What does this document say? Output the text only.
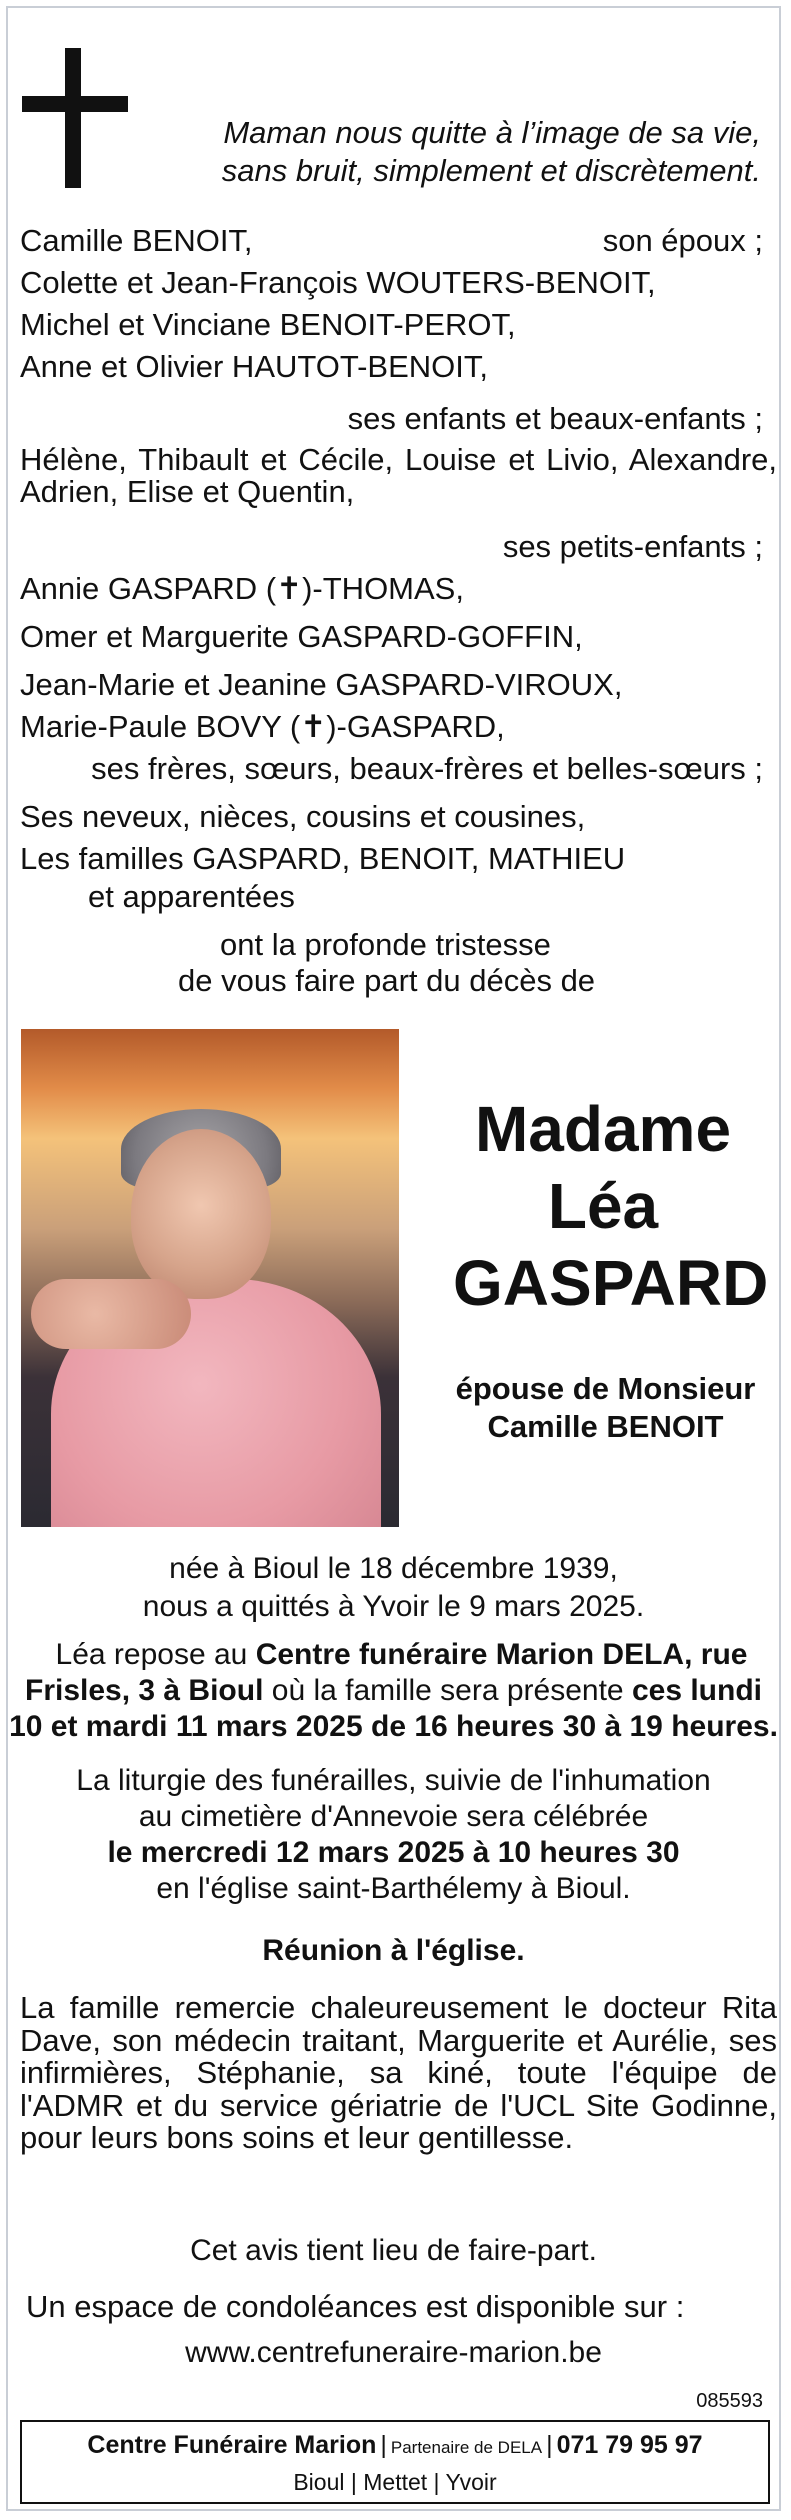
Maman nous quitte à l’image de sa vie,
sans bruit, simplement et discrètement.
Camille BENOIT,	son époux ;
Colette et Jean-François WOUTERS-BENOIT,
Michel et Vinciane BENOIT-PEROT,
Anne et Olivier HAUTOT-BENOIT,
ses enfants et beaux-enfants ;
Hélène, Thibault et Cécile, Louise et Livio, Alexandre, Adrien, Elise et Quentin,
ses petits-enfants ;
Annie GASPARD (✝)-THOMAS,
Omer et Marguerite GASPARD-GOFFIN,
Jean-Marie et Jeanine GASPARD-VIROUX,
Marie-Paule BOVY (✝)-GASPARD,
ses frères, sœurs, beaux-frères et belles-sœurs ;
Ses neveux, nièces, cousins et cousines,
Les familles GASPARD, BENOIT, MATHIEU
et apparentées
ont la profonde tristesse
de vous faire part du décès de
Madame
Léa
GASPARD
épouse de Monsieur
Camille BENOIT
née à Bioul le 18 décembre 1939,
nous a quittés à Yvoir le 9 mars 2025.
Léa repose au Centre funéraire Marion DELA, rue
Frisles, 3 à Bioul où la famille sera présente ces lundi
10 et mardi 11 mars 2025 de 16 heures 30 à 19 heures.
La liturgie des funérailles, suivie de l'inhumation
au cimetière d'Annevoie sera célébrée
le mercredi 12 mars 2025 à 10 heures 30
en l'église saint-Barthélemy à Bioul.
Réunion à l'église.
La famille remercie chaleureusement le docteur Rita Dave, son médecin traitant, Marguerite et Aurélie, ses infirmières, Stéphanie, sa kiné, toute l'équipe de l'ADMR et du service gériatrie de l'UCL Site Godinne, pour leurs bons soins et leur gentillesse.
Cet avis tient lieu de faire-part.
Un espace de condoléances est disponible sur :
www.centrefuneraire-marion.be
085593
Centre Funéraire Marion | Partenaire de DELA | 071 79 95 97
Bioul | Mettet | Yvoir
